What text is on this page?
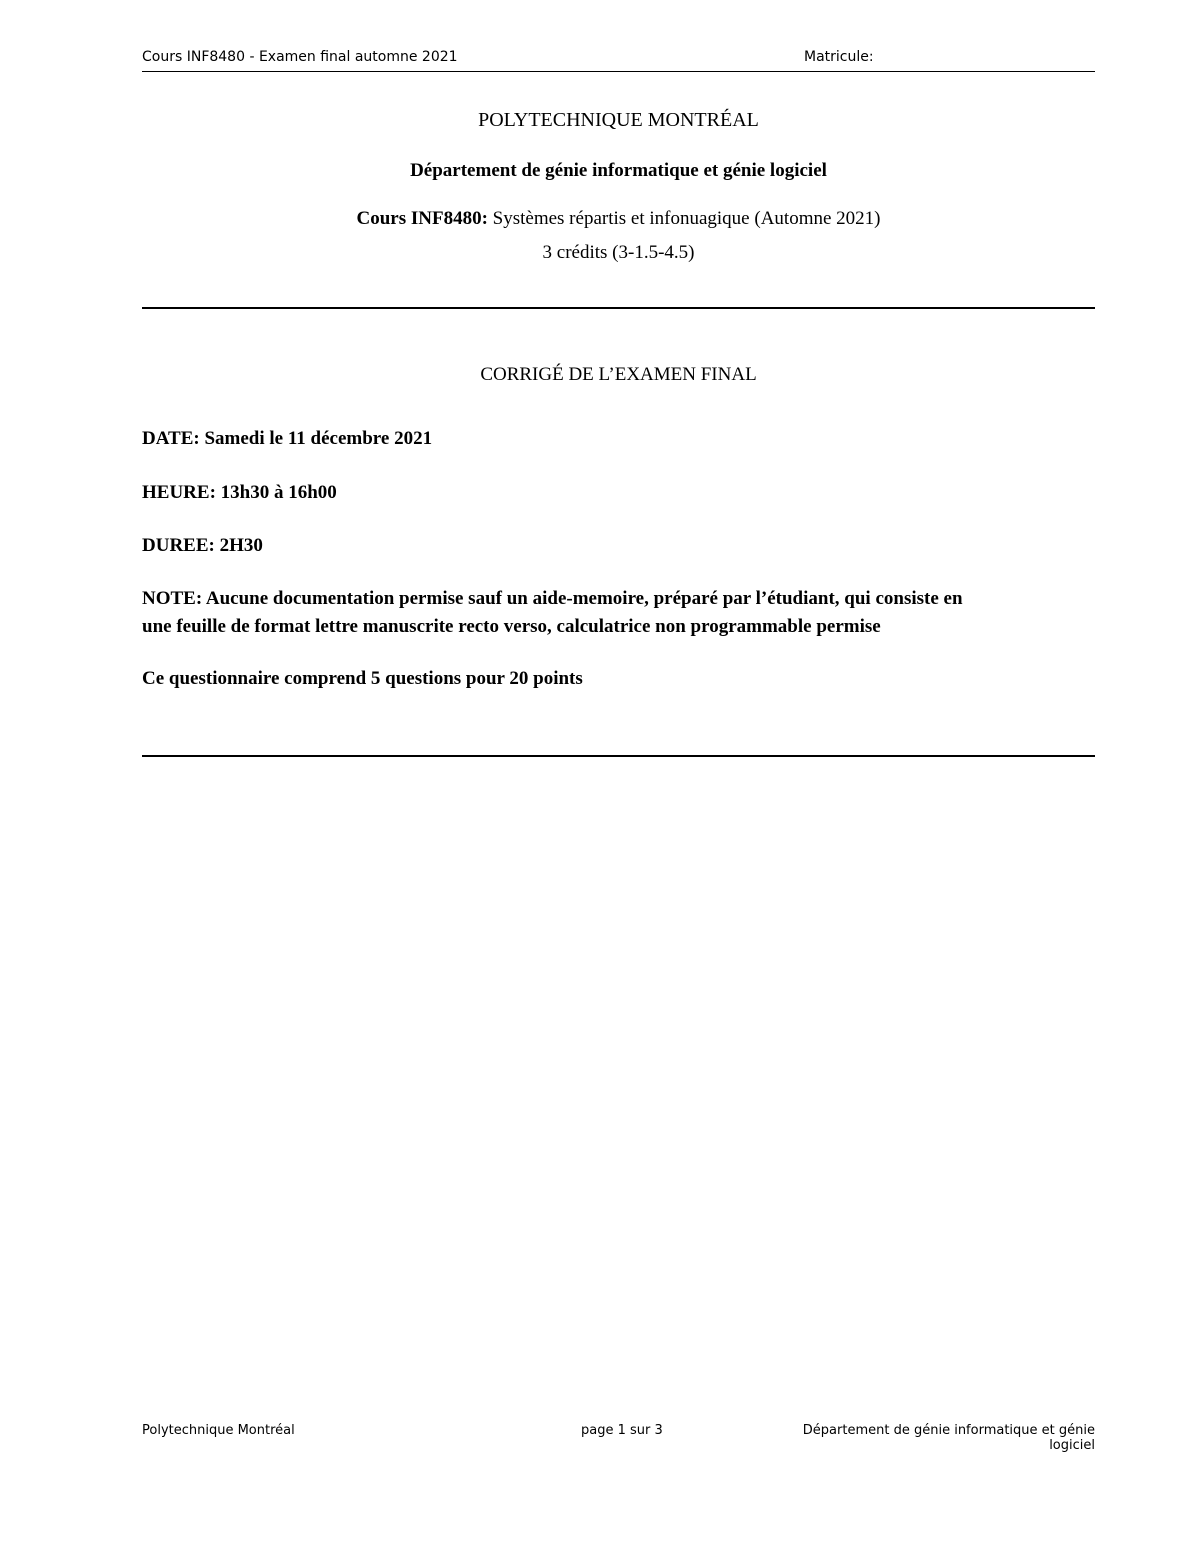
Cours INF8480 - Examen final automne 2021	Matricule:
POLYTECHNIQUE MONTRÉAL
Département de génie informatique et génie logiciel
Cours INF8480: Systèmes répartis et infonuagique (Automne 2021)
3 crédits (3-1.5-4.5)
CORRIGÉ DE L’EXAMEN FINAL
DATE: Samedi le 11 décembre 2021
HEURE: 13h30 à 16h00
DUREE: 2H30
NOTE: Aucune documentation permise sauf un aide-memoire, préparé par l’étudiant, qui consiste en
une feuille de format lettre manuscrite recto verso, calculatrice non programmable permise
Ce questionnaire comprend 5 questions pour 20 points
Polytechnique Montréal	page 1 sur 3	Département de génie informatique et génie logiciel
